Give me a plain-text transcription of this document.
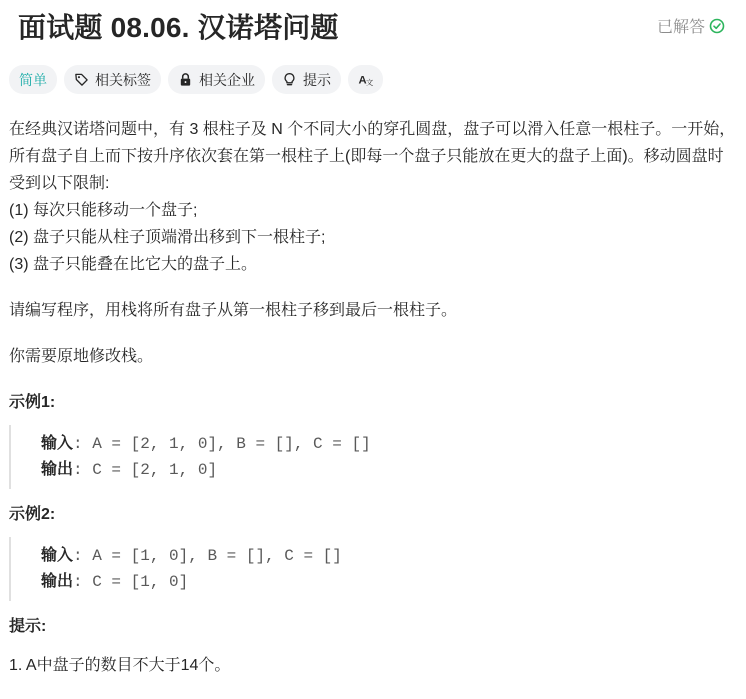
面试题 08.06. 汉诺塔问题	已解答
简单	相关标签	相关企业	提示 A 文

在经典汉诺塔问题中，有 3 根柱子及 N 个不同大小的穿孔圆盘，盘子可以滑入任意一根柱子。一开始，所有盘子自上而下按升序依次套在第一根柱子上(即每一个盘子只能放在更大的盘子上面)。移动圆盘时受到以下限制:

(1) 每次只能移动一个盘子;

(2) 盘子只能从柱子顶端滑出移到下一根柱子;

(3) 盘子只能叠在比它大的盘子上。

请编写程序，用栈将所有盘子从第一根柱子移到最后一根柱子。

你需要原地修改栈。

示例1:

输入: A = [2, 1, 0], B = [], C = []
输出: C = [2, 1, 0]

示例2:

输入: A = [1, 0], B = [], C = []
输出: C = [1, 0]

提示:

1. A中盘子的数目不大于14个。
